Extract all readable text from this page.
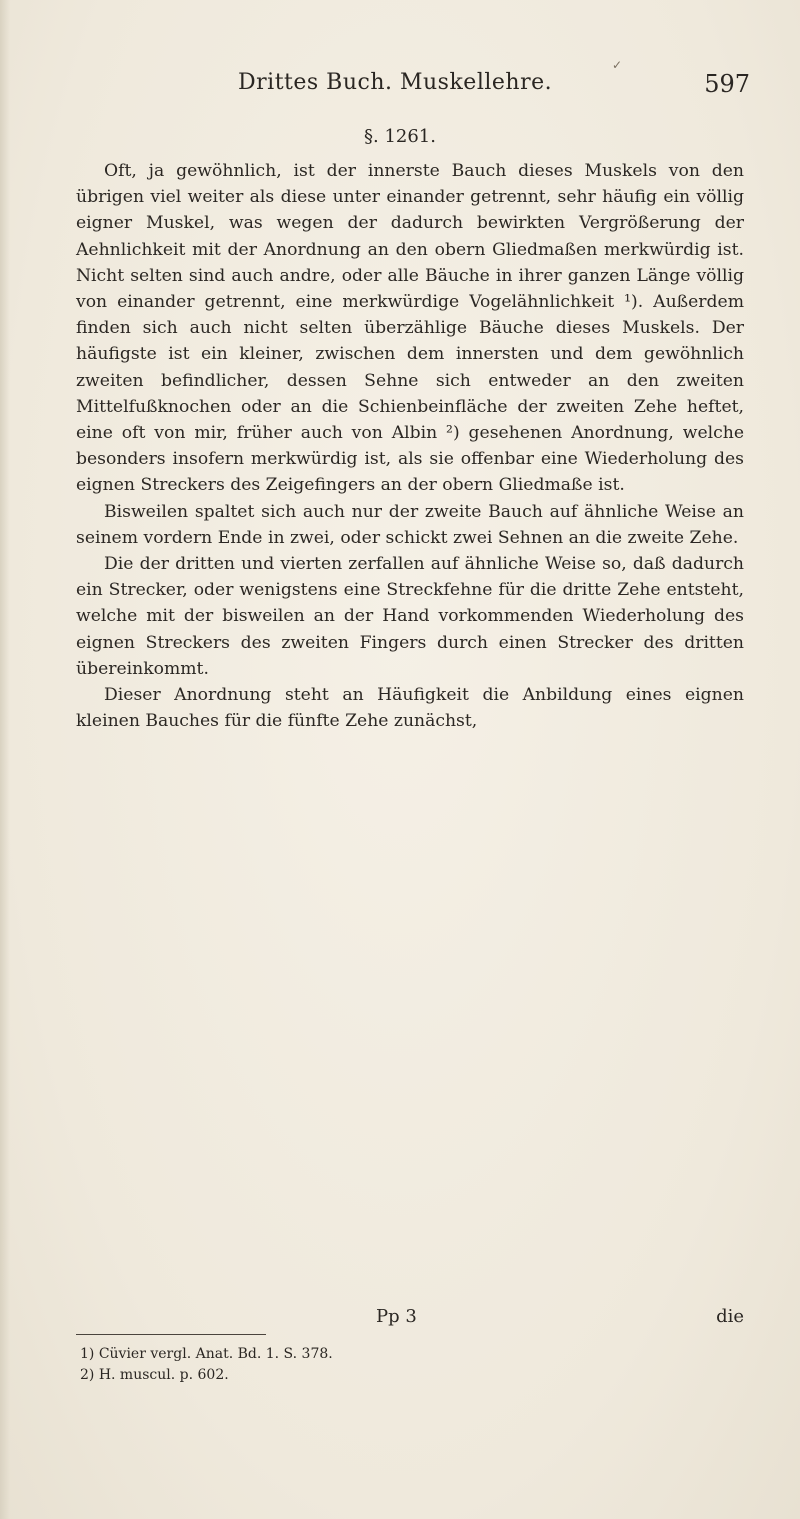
✓
Drittes Buch. Muskellehre.	597
§. 1261.

Oft, ja gewöhnlich, ist der innerste Bauch dieses Muskels von den übrigen viel weiter als diese unter einander getrennt, sehr häufig ein völlig eigner Muskel, was wegen der dadurch bewirkten Vergrößerung der Aehnlichkeit mit der Anordnung an den obern Gliedmaßen merkwürdig ist. Nicht selten sind auch andre, oder alle Bäuche in ihrer ganzen Länge völlig von einander getrennt, eine merkwürdige Vogelähnlichkeit ¹). Außerdem finden sich auch nicht selten überzählige Bäuche dieses Muskels. Der häufigste ist ein kleiner, zwischen dem innersten und dem gewöhnlich zweiten befindlicher, dessen Sehne sich entweder an den zweiten Mittelfußknochen oder an die Schienbeinfläche der zweiten Zehe heftet, eine oft von mir, früher auch von Albin ²) gesehenen Anordnung, welche besonders insofern merkwürdig ist, als sie offenbar eine Wiederholung des eignen Streckers des Zeigefingers an der obern Gliedmaße ist.

Bisweilen spaltet sich auch nur der zweite Bauch auf ähnliche Weise an seinem vordern Ende in zwei, oder schickt zwei Sehnen an die zweite Zehe.

Die der dritten und vierten zerfallen auf ähnliche Weise so, daß dadurch ein Strecker, oder wenigstens eine Streckfehne für die dritte Zehe entsteht, welche mit der bisweilen an der Hand vorkommenden Wiederholung des eignen Streckers des zweiten Fingers durch einen Strecker des dritten übereinkommt.

Dieser Anordnung steht an Häufigkeit die Anbildung eines eignen kleinen Bauches für die fünfte Zehe zunächst,

Pp 3	die
1) Cüvier vergl. Anat. Bd. 1. S. 378.
2) H. muscul. p. 602.
